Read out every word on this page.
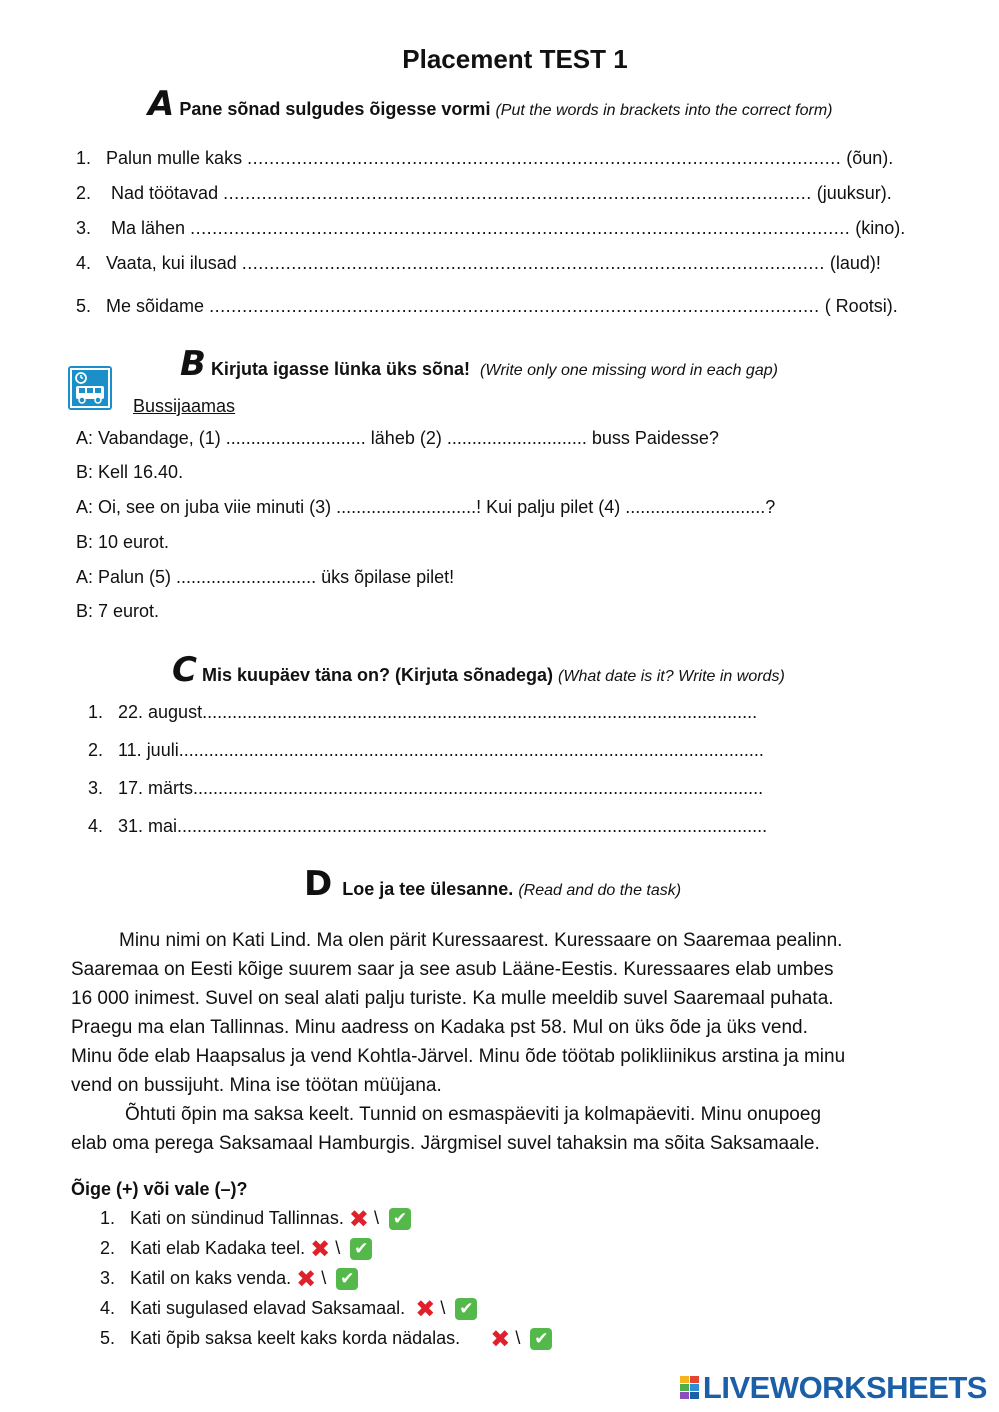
Placement TEST 1
A Pane sõnad sulgudes õigesse vormi (Put the words in brackets into the correct form)
1. Palun mulle kaks ............................................................................................................ (õun).
2. Nad töötavad ........................................................................................................... (juuksur).
3. Ma lähen ........................................................................................................................ (kino).
4. Vaata, kui ilusad .......................................................................................................... (laud)!
5. Me sõidame ............................................................................................................... ( Rootsi).
B Kirjuta igasse lünka üks sõna! (Write only one missing word in each gap)
Bussijaamas
A: Vabandage, (1) ............................ läheb (2) ............................ buss Paidesse?
B: Kell 16.40.
A: Oi, see on juba viie minuti (3) ............................! Kui palju pilet (4) ............................?
B: 10 eurot.
A: Palun (5) ............................ üks õpilase pilet!
B: 7 eurot.
C Mis kuupäev täna on? (Kirjuta sõnadega) (What date is it? Write in words)
1. 22. august...............................................................................................................
2. 11. juuli.....................................................................................................................
3. 17. märts..................................................................................................................
4. 31. mai......................................................................................................................
D Loe ja tee ülesanne. (Read and do the task)
Minu nimi on Kati Lind. Ma olen pärit Kuressaarest. Kuressaare on Saaremaa pealinn.
Saaremaa on Eesti kõige suurem saar ja see asub Lääne-Eestis. Kuressaares elab umbes
16 000 inimest. Suvel on seal alati palju turiste. Ka mulle meeldib suvel Saaremaal puhata.
Praegu ma elan Tallinnas. Minu aadress on Kadaka pst 58. Mul on üks õde ja üks vend.
Minu õde elab Haapsalus ja vend Kohtla-Järvel. Minu õde töötab polikliinikus arstina ja minu
vend on bussijuht. Mina ise töötan müüjana.
Õhtuti õpin ma saksa keelt. Tunnid on esmaspäeviti ja kolmapäeviti. Minu onupoeg
elab oma perega Saksamaal Hamburgis. Järgmisel suvel tahaksin ma sõita Saksamaale.
Õige (+) või vale (–)?
1. Kati on sündinud Tallinnas. ✖ \ ✔
2. Kati elab Kadaka teel. ✖ \ ✔
3. Katil on kaks venda. ✖ \ ✔
4. Kati sugulased elavad Saksamaal. ✖ \ ✔
5. Kati õpib saksa keelt kaks korda nädalas. ✖ \ ✔
LIVEWORKSHEETS
